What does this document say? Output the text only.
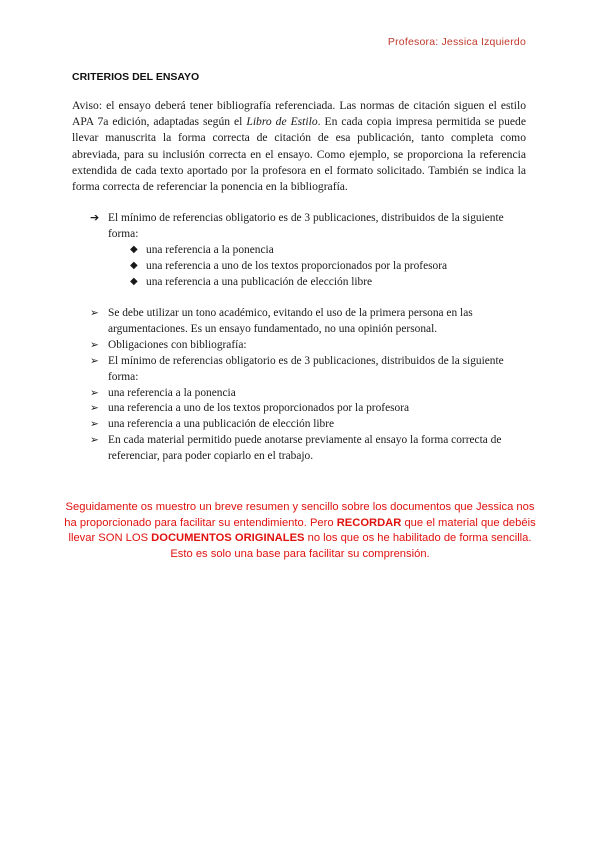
Profesora: Jessica Izquierdo
CRITERIOS DEL ENSAYO

Aviso: el ensayo deberá tener bibliografía referenciada. Las normas de citación siguen el estilo APA 7a edición, adaptadas según el Libro de Estilo. En cada copia impresa permitida se puede llevar manuscrita la forma correcta de citación de esa publicación, tanto completa como abreviada, para su inclusión correcta en el ensayo. Como ejemplo, se proporciona la referencia extendida de cada texto aportado por la profesora en el formato solicitado. También se indica la forma correcta de referenciar la ponencia en la bibliografía.

➔ El mínimo de referencias obligatorio es de 3 publicaciones, distribuidos de la siguiente forma:
◆ una referencia a la ponencia
◆ una referencia a uno de los textos proporcionados por la profesora
◆ una referencia a una publicación de elección libre
➢ Se debe utilizar un tono académico, evitando el uso de la primera persona en las argumentaciones. Es un ensayo fundamentado, no una opinión personal.
➢ Obligaciones con bibliografía:
➢ El mínimo de referencias obligatorio es de 3 publicaciones, distribuidos de la siguiente forma:
➢ una referencia a la ponencia
➢ una referencia a uno de los textos proporcionados por la profesora
➢ una referencia a una publicación de elección libre
➢ En cada material permitido puede anotarse previamente al ensayo la forma correcta de referenciar, para poder copiarlo en el trabajo.

Seguidamente os muestro un breve resumen y sencillo sobre los documentos que Jessica nos ha proporcionado para facilitar su entendimiento. Pero RECORDAR que el material que debéis llevar SON LOS DOCUMENTOS ORIGINALES no los que os he habilitado de forma sencilla. Esto es solo una base para facilitar su comprensión.
